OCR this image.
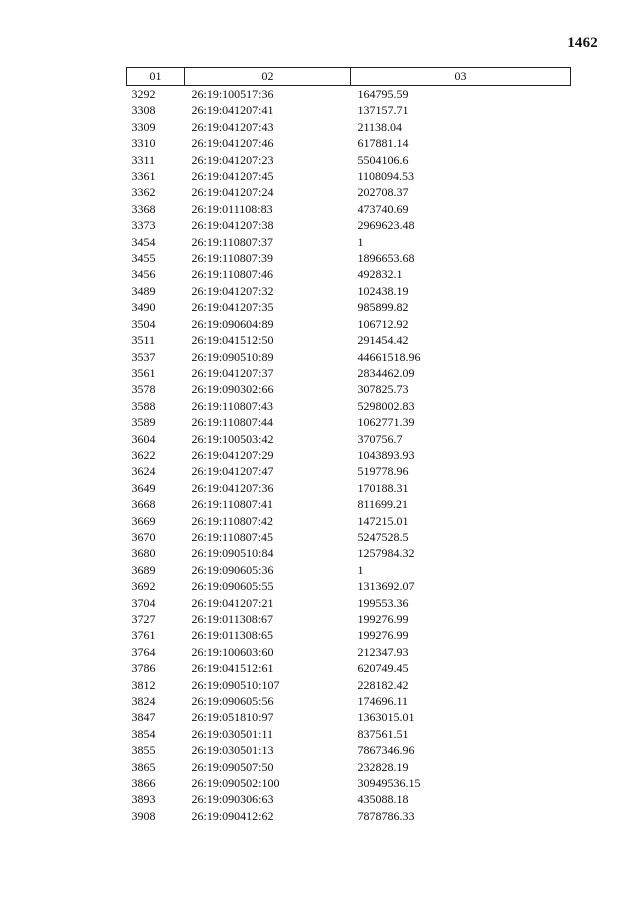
1462
01	02	03
3292	26:19:100517:36	164795.59
3308	26:19:041207:41	137157.71
3309	26:19:041207:43	21138.04
3310	26:19:041207:46	617881.14
3311	26:19:041207:23	5504106.6
3361	26:19:041207:45	1108094.53
3362	26:19:041207:24	202708.37
3368	26:19:011108:83	473740.69
3373	26:19:041207:38	2969623.48
3454	26:19:110807:37	1
3455	26:19:110807:39	1896653.68
3456	26:19:110807:46	492832.1
3489	26:19:041207:32	102438.19
3490	26:19:041207:35	985899.82
3504	26:19:090604:89	106712.92
3511	26:19:041512:50	291454.42
3537	26:19:090510:89	44661518.96
3561	26:19:041207:37	2834462.09
3578	26:19:090302:66	307825.73
3588	26:19:110807:43	5298002.83
3589	26:19:110807:44	1062771.39
3604	26:19:100503:42	370756.7
3622	26:19:041207:29	1043893.93
3624	26:19:041207:47	519778.96
3649	26:19:041207:36	170188.31
3668	26:19:110807:41	811699.21
3669	26:19:110807:42	147215.01
3670	26:19:110807:45	5247528.5
3680	26:19:090510:84	1257984.32
3689	26:19:090605:36	1
3692	26:19:090605:55	1313692.07
3704	26:19:041207:21	199553.36
3727	26:19:011308:67	199276.99
3761	26:19:011308:65	199276.99
3764	26:19:100603:60	212347.93
3786	26:19:041512:61	620749.45
3812	26:19:090510:107	228182.42
3824	26:19:090605:56	174696.11
3847	26:19:051810:97	1363015.01
3854	26:19:030501:11	837561.51
3855	26:19:030501:13	7867346.96
3865	26:19:090507:50	232828.19
3866	26:19:090502:100	30949536.15
3893	26:19:090306:63	435088.18
3908	26:19:090412:62	7878786.33
